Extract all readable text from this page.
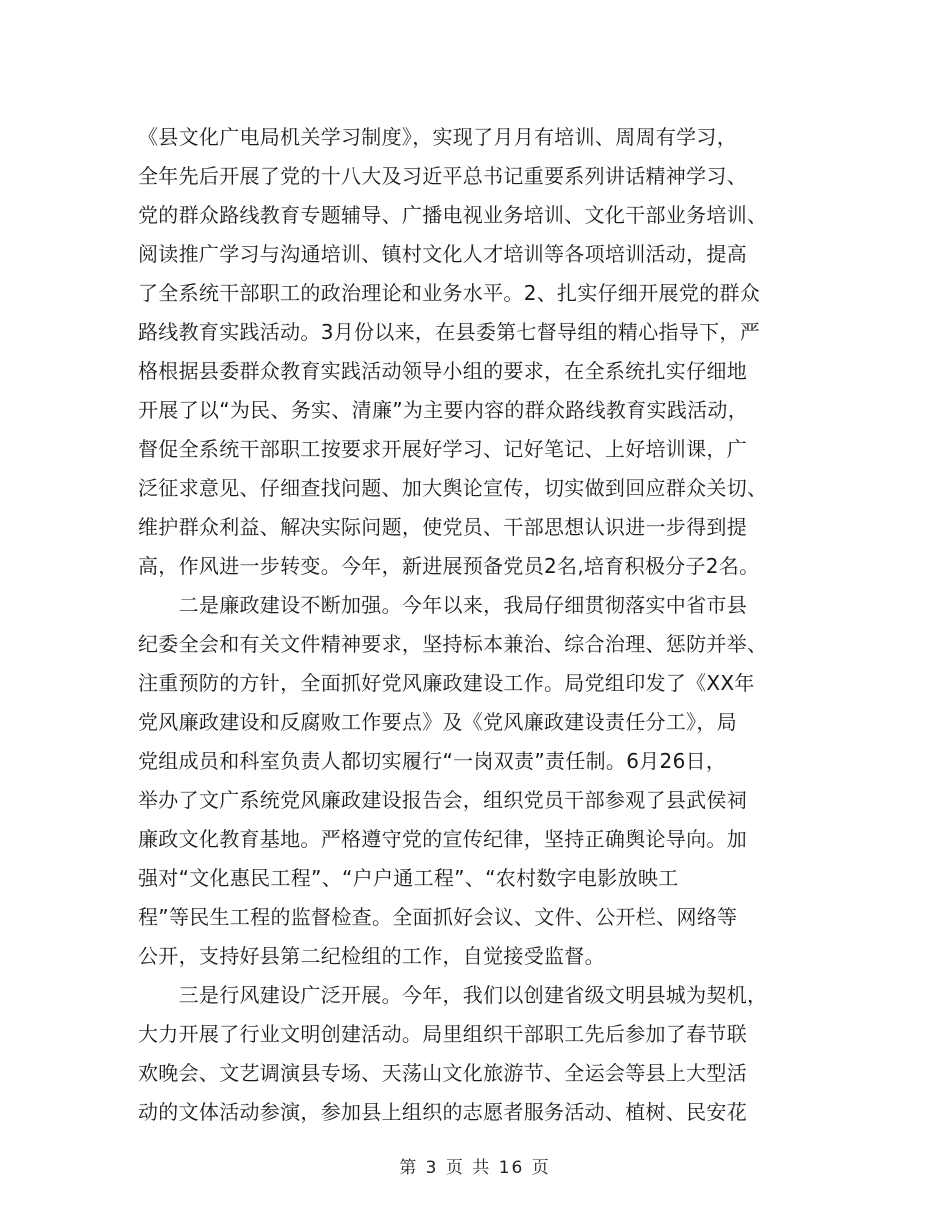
《县文化广电局机关学习制度》，实现了月月有培训、周周有学习，
全年先后开展了党的十八大及习近平总书记重要系列讲话精神学习、
党的群众路线教育专题辅导、广播电视业务培训、文化干部业务培训、
阅读推广学习与沟通培训、镇村文化人才培训等各项培训活动，提高
了全系统干部职工的政治理论和业务水平。2、扎实仔细开展党的群众
路线教育实践活动。3月份以来，在县委第七督导组的精心指导下，严
格根据县委群众教育实践活动领导小组的要求，在全系统扎实仔细地
开展了以“为民、务实、清廉”为主要内容的群众路线教育实践活动，
督促全系统干部职工按要求开展好学习、记好笔记、上好培训课，广
泛征求意见、仔细查找问题、加大舆论宣传，切实做到回应群众关切、
维护群众利益、解决实际问题，使党员、干部思想认识进一步得到提
高，作风进一步转变。今年，新进展预备党员2名,培育积极分子2名。
　　二是廉政建设不断加强。今年以来，我局仔细贯彻落实中省市县
纪委全会和有关文件精神要求，坚持标本兼治、综合治理、惩防并举、
注重预防的方针，全面抓好党风廉政建设工作。局党组印发了《XX年
党风廉政建设和反腐败工作要点》及《党风廉政建设责任分工》，局
党组成员和科室负责人都切实履行“一岗双责”责任制。6月26日，
举办了文广系统党风廉政建设报告会，组织党员干部参观了县武侯祠
廉政文化教育基地。严格遵守党的宣传纪律，坚持正确舆论导向。加
强对“文化惠民工程”、“户户通工程”、“农村数字电影放映工
程”等民生工程的监督检查。全面抓好会议、文件、公开栏、网络等
公开，支持好县第二纪检组的工作，自觉接受监督。
　　三是行风建设广泛开展。今年，我们以创建省级文明县城为契机，
大力开展了行业文明创建活动。局里组织干部职工先后参加了春节联
欢晚会、文艺调演县专场、天荡山文化旅游节、全运会等县上大型活
动的文体活动参演，参加县上组织的志愿者服务活动、植树、民安花
第 3 页 共 16 页
